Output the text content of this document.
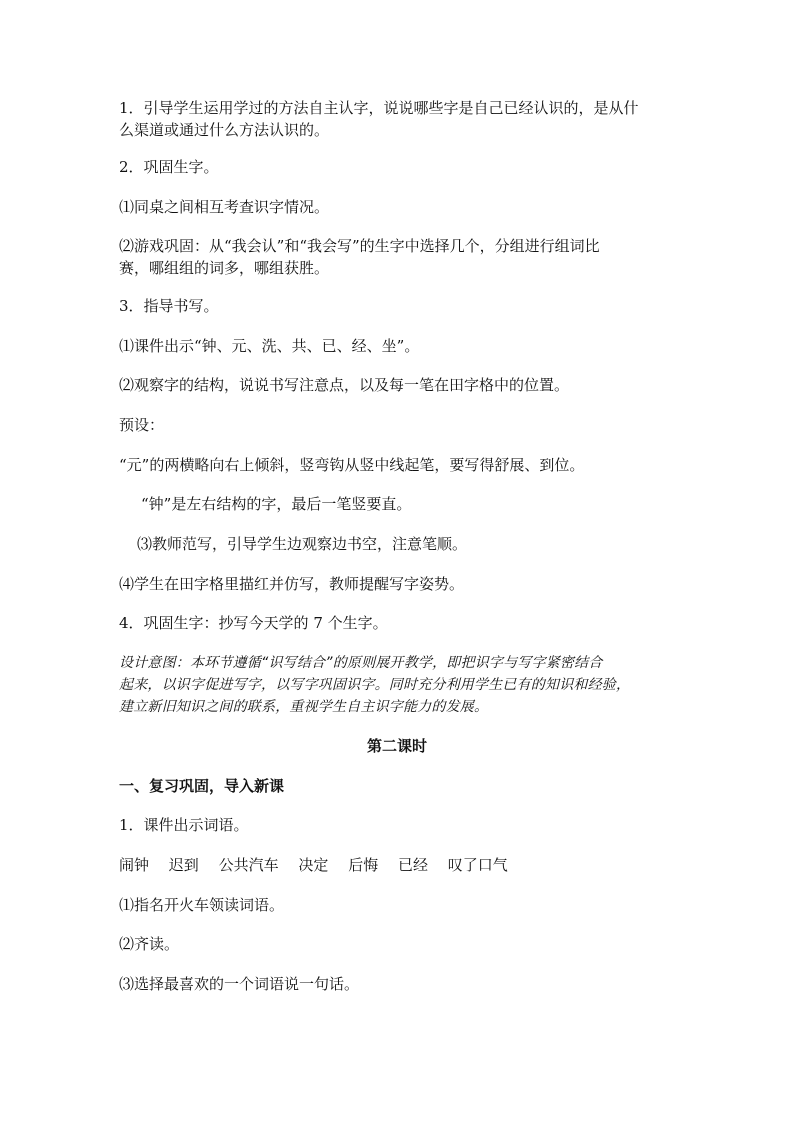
1．引导学生运用学过的方法自主认字，说说哪些字是自己已经认识的，是从什
么渠道或通过什么方法认识的。
2．巩固生字。
⑴同桌之间相互考查识字情况。
⑵游戏巩固：从“我会认”和“我会写”的生字中选择几个，分组进行组词比
赛，哪组组的词多，哪组获胜。
3．指导书写。
⑴课件出示“钟、元、洗、共、已、经、坐”。
⑵观察字的结构，说说书写注意点，以及每一笔在田字格中的位置。
预设：
“元”的两横略向右上倾斜，竖弯钩从竖中线起笔，要写得舒展、到位。
“钟”是左右结构的字，最后一笔竖要直。
⑶教师范写，引导学生边观察边书空，注意笔顺。
⑷学生在田字格里描红并仿写，教师提醒写字姿势。
4．巩固生字：抄写今天学的 7 个生字。
设计意图：本环节遵循“识写结合”的原则展开教学，即把识字与写字紧密结合
起来，以识字促进写字，以写字巩固识字。同时充分利用学生已有的知识和经验，
建立新旧知识之间的联系，重视学生自主识字能力的发展。
第二课时
一、复习巩固，导入新课
1．课件出示词语。
闹钟 迟到 公共汽车 决定 后悔 已经 叹了口气
⑴指名开火车领读词语。
⑵齐读。
⑶选择最喜欢的一个词语说一句话。
